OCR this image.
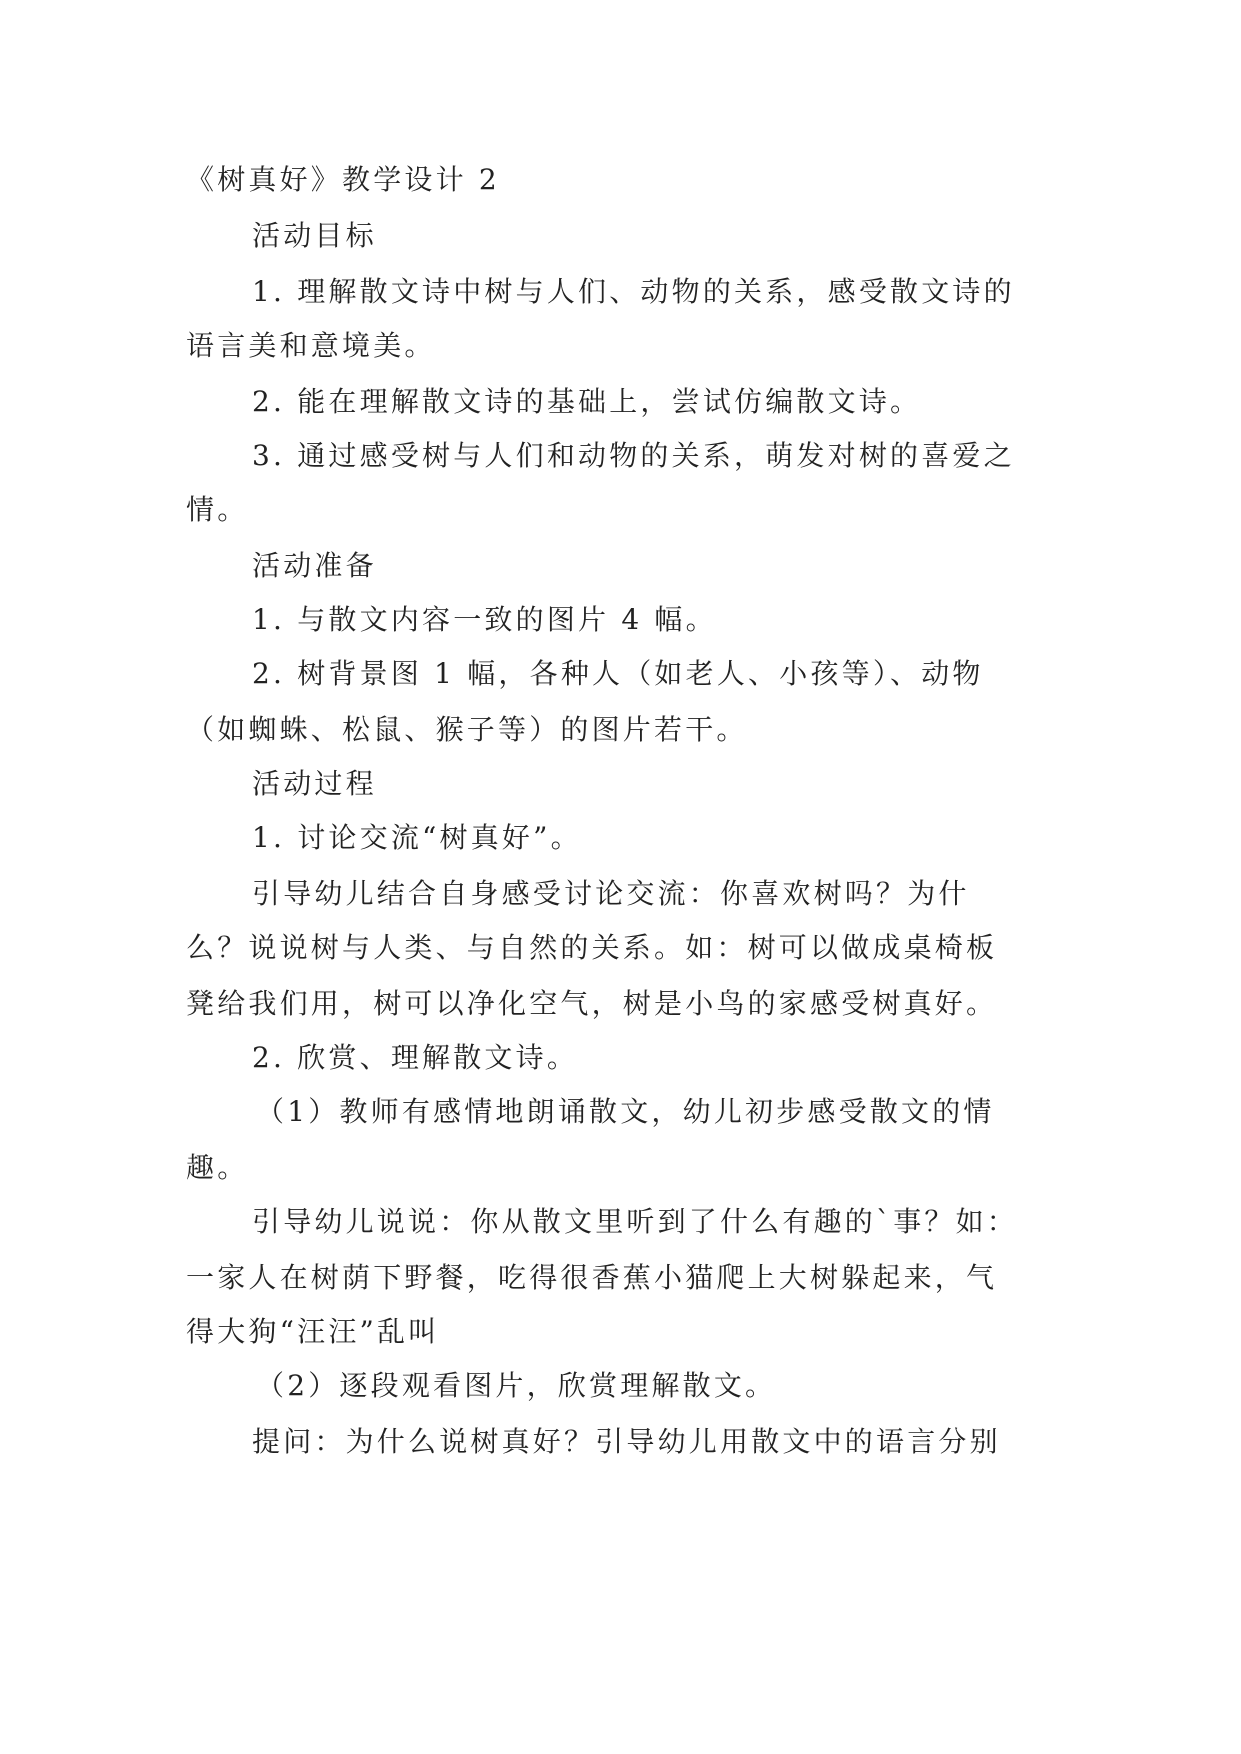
《树真好》教学设计 2
活动目标
1. 理解散文诗中树与人们、动物的关系，感受散文诗的
语言美和意境美。
2. 能在理解散文诗的基础上，尝试仿编散文诗。
3. 通过感受树与人们和动物的关系，萌发对树的喜爱之
情。
活动准备
1. 与散文内容一致的图片 4 幅。
2. 树背景图 1 幅，各种人（如老人、小孩等）、动物
（如蜘蛛、松鼠、猴子等）的图片若干。
活动过程
1. 讨论交流“树真好”。
引导幼儿结合自身感受讨论交流：你喜欢树吗？为什
么？说说树与人类、与自然的关系。如：树可以做成桌椅板
凳给我们用，树可以净化空气，树是小鸟的家感受树真好。
2. 欣赏、理解散文诗。
（1）教师有感情地朗诵散文，幼儿初步感受散文的情
趣。
引导幼儿说说：你从散文里听到了什么有趣的`事？如：
一家人在树荫下野餐，吃得很香蕉小猫爬上大树躲起来，气
得大狗“汪汪”乱叫
（2）逐段观看图片，欣赏理解散文。
提问：为什么说树真好？引导幼儿用散文中的语言分别
